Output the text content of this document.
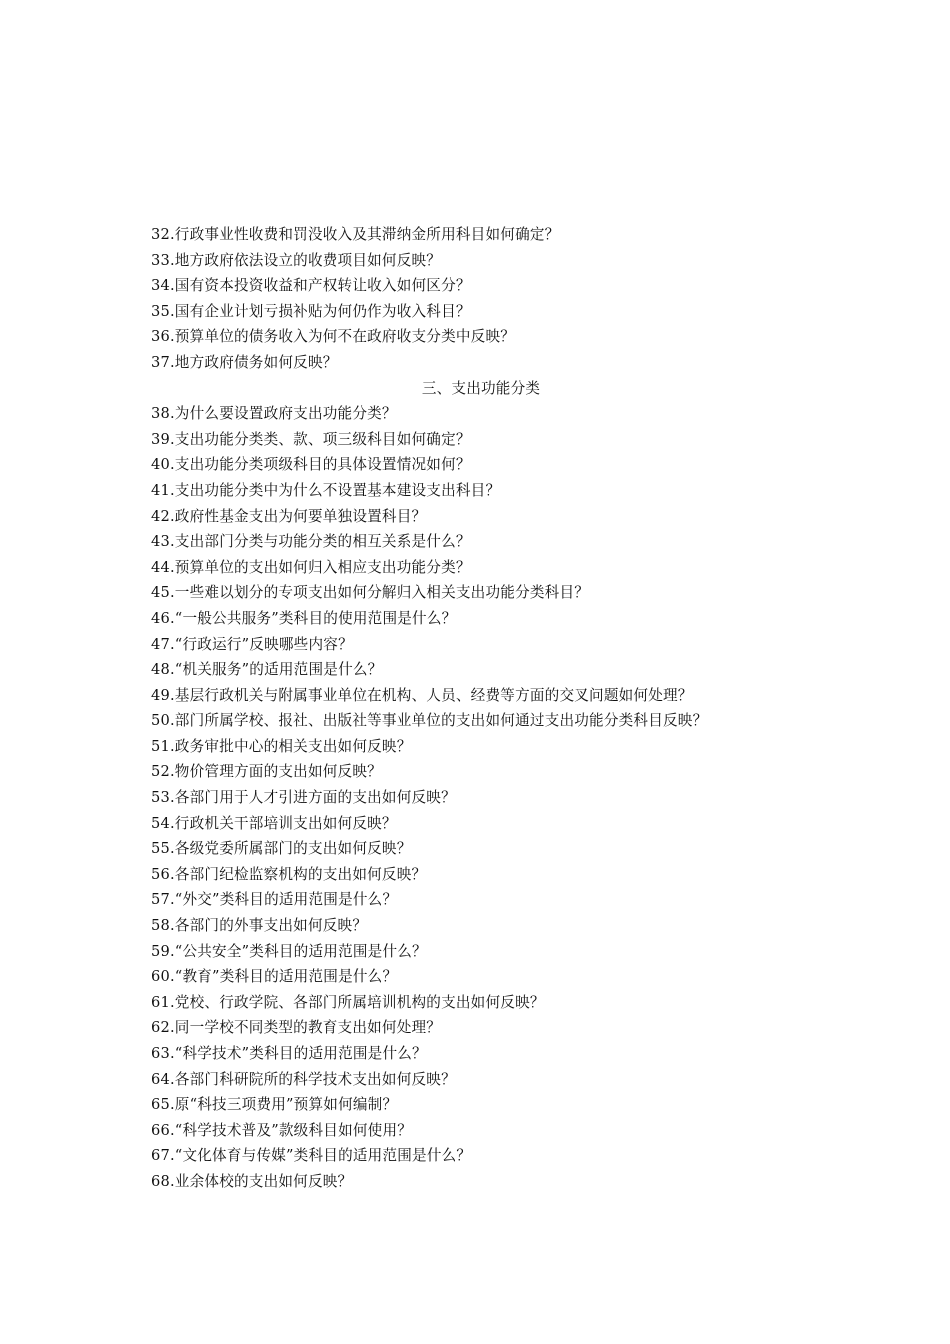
32.行政事业性收费和罚没收入及其滞纳金所用科目如何确定？
33.地方政府依法设立的收费项目如何反映？
34.国有资本投资收益和产权转让收入如何区分？
35.国有企业计划亏损补贴为何仍作为收入科目？
36.预算单位的债务收入为何不在政府收支分类中反映？
37.地方政府债务如何反映？
三、支出功能分类
38.为什么要设置政府支出功能分类？
39.支出功能分类类、款、项三级科目如何确定？
40.支出功能分类项级科目的具体设置情况如何？
41.支出功能分类中为什么不设置基本建设支出科目？
42.政府性基金支出为何要单独设置科目？
43.支出部门分类与功能分类的相互关系是什么？
44.预算单位的支出如何归入相应支出功能分类？
45.一些难以划分的专项支出如何分解归入相关支出功能分类科目？
46.“一般公共服务”类科目的使用范围是什么？
47.“行政运行”反映哪些内容？
48.“机关服务”的适用范围是什么？
49.基层行政机关与附属事业单位在机构、人员、经费等方面的交叉问题如何处理？
50.部门所属学校、报社、出版社等事业单位的支出如何通过支出功能分类科目反映？
51.政务审批中心的相关支出如何反映？
52.物价管理方面的支出如何反映？
53.各部门用于人才引进方面的支出如何反映？
54.行政机关干部培训支出如何反映？
55.各级党委所属部门的支出如何反映？
56.各部门纪检监察机构的支出如何反映？
57.“外交”类科目的适用范围是什么？
58.各部门的外事支出如何反映？
59.“公共安全”类科目的适用范围是什么？
60.“教育”类科目的适用范围是什么？
61.党校、行政学院、各部门所属培训机构的支出如何反映？
62.同一学校不同类型的教育支出如何处理？
63.“科学技术”类科目的适用范围是什么？
64.各部门科研院所的科学技术支出如何反映？
65.原“科技三项费用”预算如何编制？
66.“科学技术普及”款级科目如何使用？
67.“文化体育与传媒”类科目的适用范围是什么？
68.业余体校的支出如何反映？
